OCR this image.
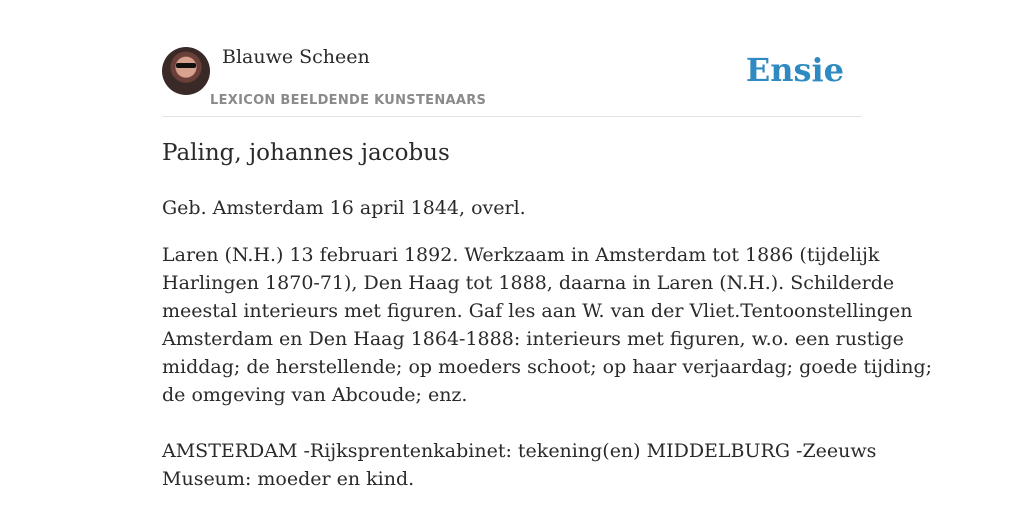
Blauwe Scheen
LEXICON BEELDENDE KUNSTENAARS
Ensie
Paling, johannes jacobus

Geb. Amsterdam 16 april 1844, overl.

Laren (N.H.) 13 februari 1892. Werkzaam in Amsterdam tot 1886 (tijdelijk

Harlingen 1870-71), Den Haag tot 1888, daarna in Laren (N.H.). Schilderde

meestal interieurs met figuren. Gaf les aan W. van der Vliet.Tentoonstellingen

Amsterdam en Den Haag 1864-1888: interieurs met figuren, w.o. een rustige

middag; de herstellende; op moeders schoot; op haar verjaardag; goede tijding;

de omgeving van Abcoude; enz.

AMSTERDAM -Rijksprentenkabinet: tekening(en) MIDDELBURG -Zeeuws

Museum: moeder en kind.
